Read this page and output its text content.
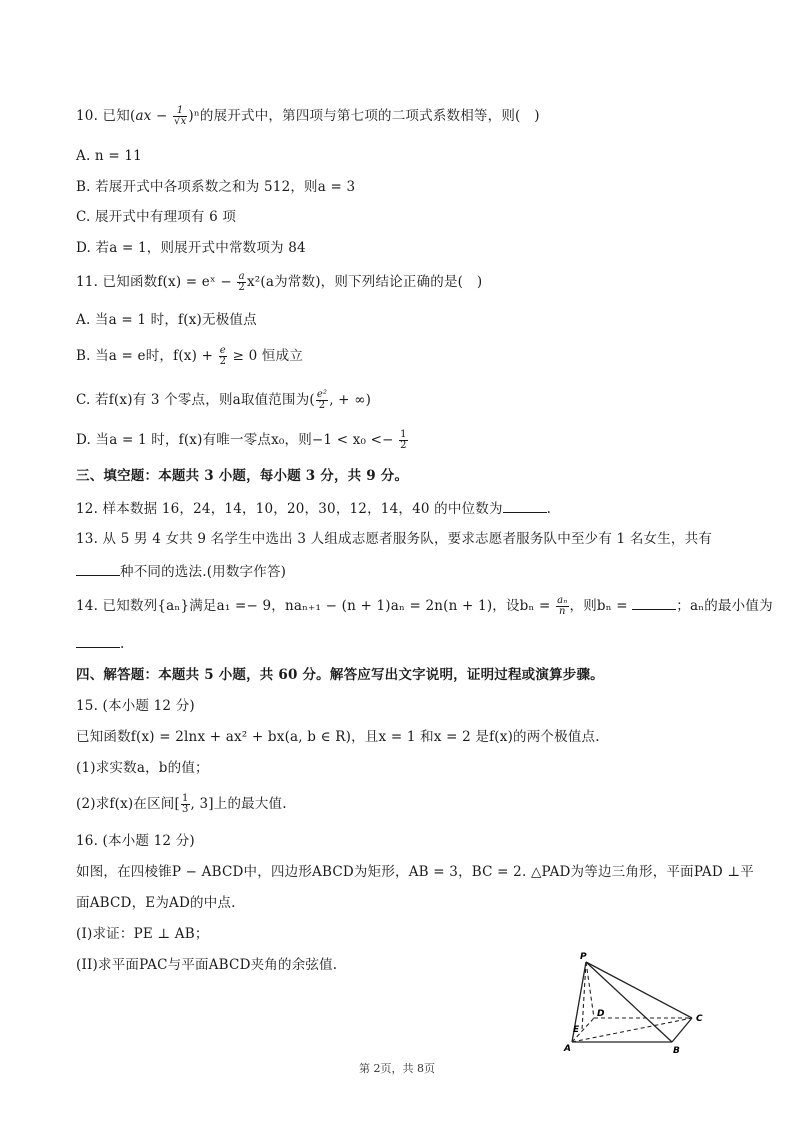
10. 已知$(ax - \frac{1}{√x} )^n$的展开式中，第四项与第七项的二项式系数相等，则(　)
A. n = 11
B. 若展开式中各项系数之和为 512，则a = 3
C. 展开式中有理项有 6 项
D. 若a = 1，则展开式中常数项为 84
11. 已知函数f(x) = eˣ − $\frac{a}{2} x^2(a$为常数)，则下列结论正确的是(　)
A. 当a = 1 时，f(x)无极值点
B. 当a = e时，$f(x) + \frac{e}{2} \ge 0$ 恒成立
C. 若f(x)有 3 个零点，则a取值范围为( $\frac{\text{e²}}{2}$ , + ∞)
D. 当a = 1 时，f(x)有唯一零点x₀，则$-1 < x_0 <- \frac{1}{2}$
三、填空题：本题共 3 小题，每小题 3 分，共 9 分。
12. 样本数据 16，24，14，10，20，30，12，14，40 的中位数为	.
13. 从 5 男 4 女共 9 名学生中选出 3 人组成志愿者服务队，要求志愿者服务队中至少有 1 名女生，共有
种不同的选法.(用数字作答)
14. 已知数列{aₙ}满足a₁ =− 9，naₙ₊₁ − (n + 1)aₙ = 2n(n + 1)，设$b_n = \frac{\text{aₙ}}{n}$ ，则bₙ =	；aₙ的最小值为
.
四、解答题：本题共 5 小题，共 60 分。解答应写出文字说明，证明过程或演算步骤。
15. (本小题 12 分)
已知函数f(x) = 2lnx + ax² + bx(a, b ∈ R)，且x = 1 和x = 2 是f(x)的两个极值点.
(1)求实数a，b的值；
(2)求f(x)在区间[ $\frac{1}{3}$ , 3]上的最大值.
16. (本小题 12 分)
如图，在四棱锥P − ABCD中，四边形ABCD为矩形，AB = 3，BC = 2. △PAD为等边三角形，平面PAD ⊥平
面ABCD，E为AD的中点.
(I)求证：PE ⊥ AB；
(II)求平面PAC与平面ABCD夹角的余弦值.	P
A	B
C
D
E
第 2页，共 8页
